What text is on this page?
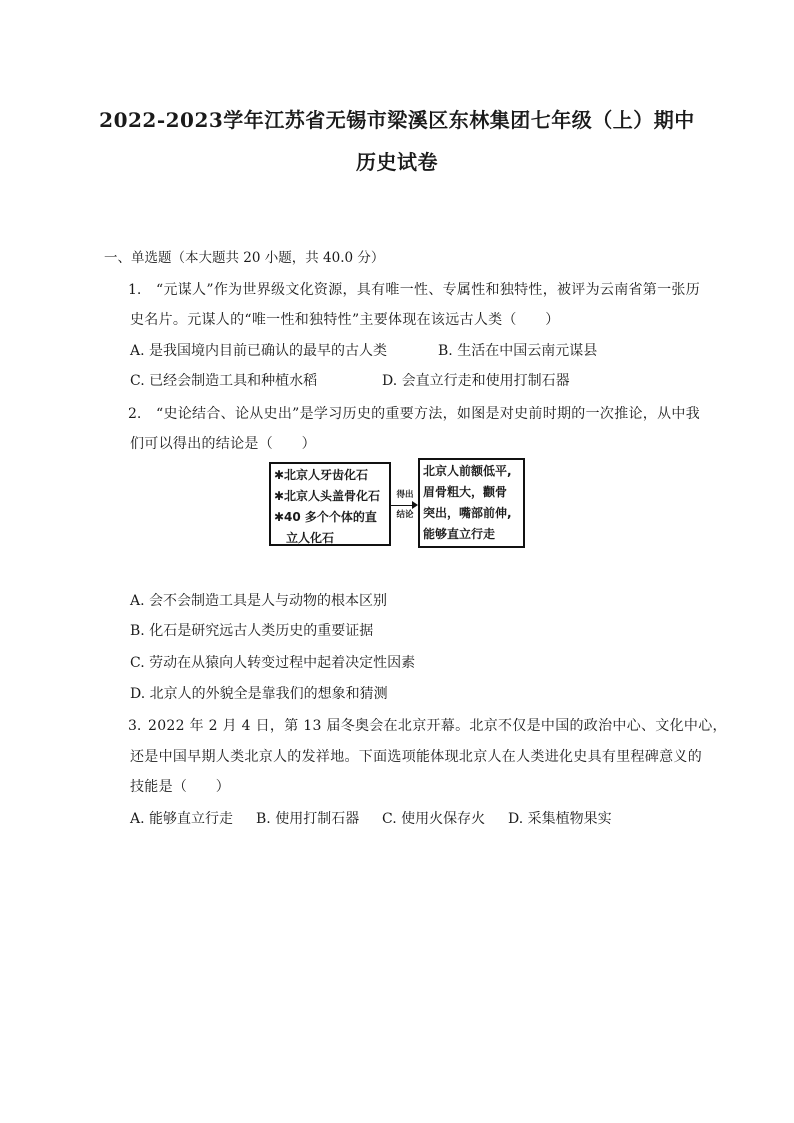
2022-2023学年江苏省无锡市梁溪区东林集团七年级（上）期中
历史试卷
一、单选题（本大题共 20 小题，共 40.0 分）
1. “元谋人”作为世界级文化资源，具有唯一性、专属性和独特性，被评为云南省第一张历
史名片。元谋人的“唯一性和独特性”主要体现在该远古人类（　　）
A. 是我国境内目前已确认的最早的古人类	B. 生活在中国云南元谋县
C. 已经会制造工具和种植水稻	D. 会直立行走和使用打制石器
2. “史论结合、论从史出”是学习历史的重要方法，如图是对史前时期的一次推论，从中我
们可以得出的结论是（　　）
✱北京人牙齿化石
✱北京人头盖骨化石
✱40 多个个体的直
　立人化石
得出
结论
北京人前额低平,
眉骨粗大，颧骨
突出，嘴部前伸,
能够直立行走
A. 会不会制造工具是人与动物的根本区别
B. 化石是研究远古人类历史的重要证据
C. 劳动在从猿向人转变过程中起着决定性因素
D. 北京人的外貌全是靠我们的想象和猜测
3. 2022 年 2 月 4 日，第 13 届冬奥会在北京开幕。北京不仅是中国的政治中心、文化中心，
还是中国早期人类北京人的发祥地。下面选项能体现北京人在人类进化史具有里程碑意义的
技能是（　　）
A. 能够直立行走 B. 使用打制石器 C. 使用火保存火 D. 采集植物果实
